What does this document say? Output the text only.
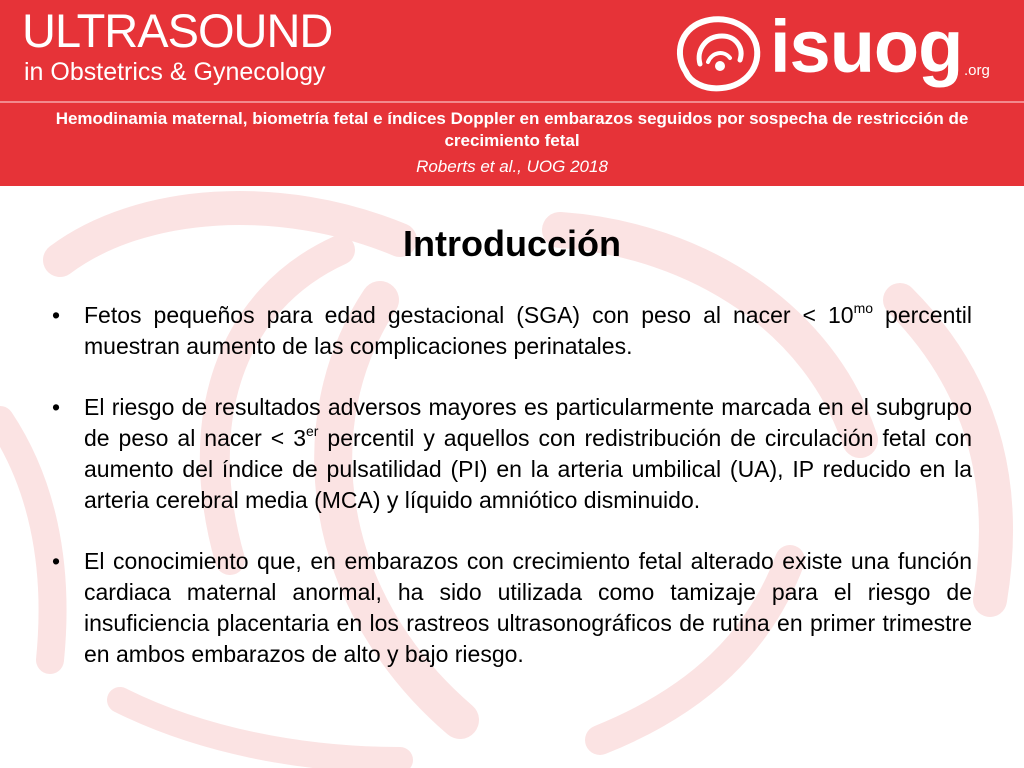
ULTRASOUND
in Obstetrics & Gynecology	isuog .org
Hemodinamia maternal, biometría fetal e índices Doppler en embarazos seguidos por sospecha de restricción de crecimiento fetal
Roberts et al., UOG 2018
Introducción
•	Fetos pequeños para edad gestacional (SGA) con peso al nacer < $10^{mo}$ percentil muestran aumento de las complicaciones perinatales.
•	El riesgo de resultados adversos mayores es particularmente marcada en el subgrupo de peso al nacer < 3er percentil y aquellos con redistribución de circulación fetal con aumento del índice de pulsatilidad (PI) en la arteria umbilical (UA), IP reducido en la arteria cerebral media (MCA) y líquido amniótico disminuido.
•	El conocimiento que, en embarazos con crecimiento fetal alterado existe una función cardiaca maternal anormal, ha sido utilizada como tamizaje para el riesgo de insuficiencia placentaria en los rastreos ultrasonográficos de rutina en primer trimestre en ambos embarazos de alto y bajo riesgo.
